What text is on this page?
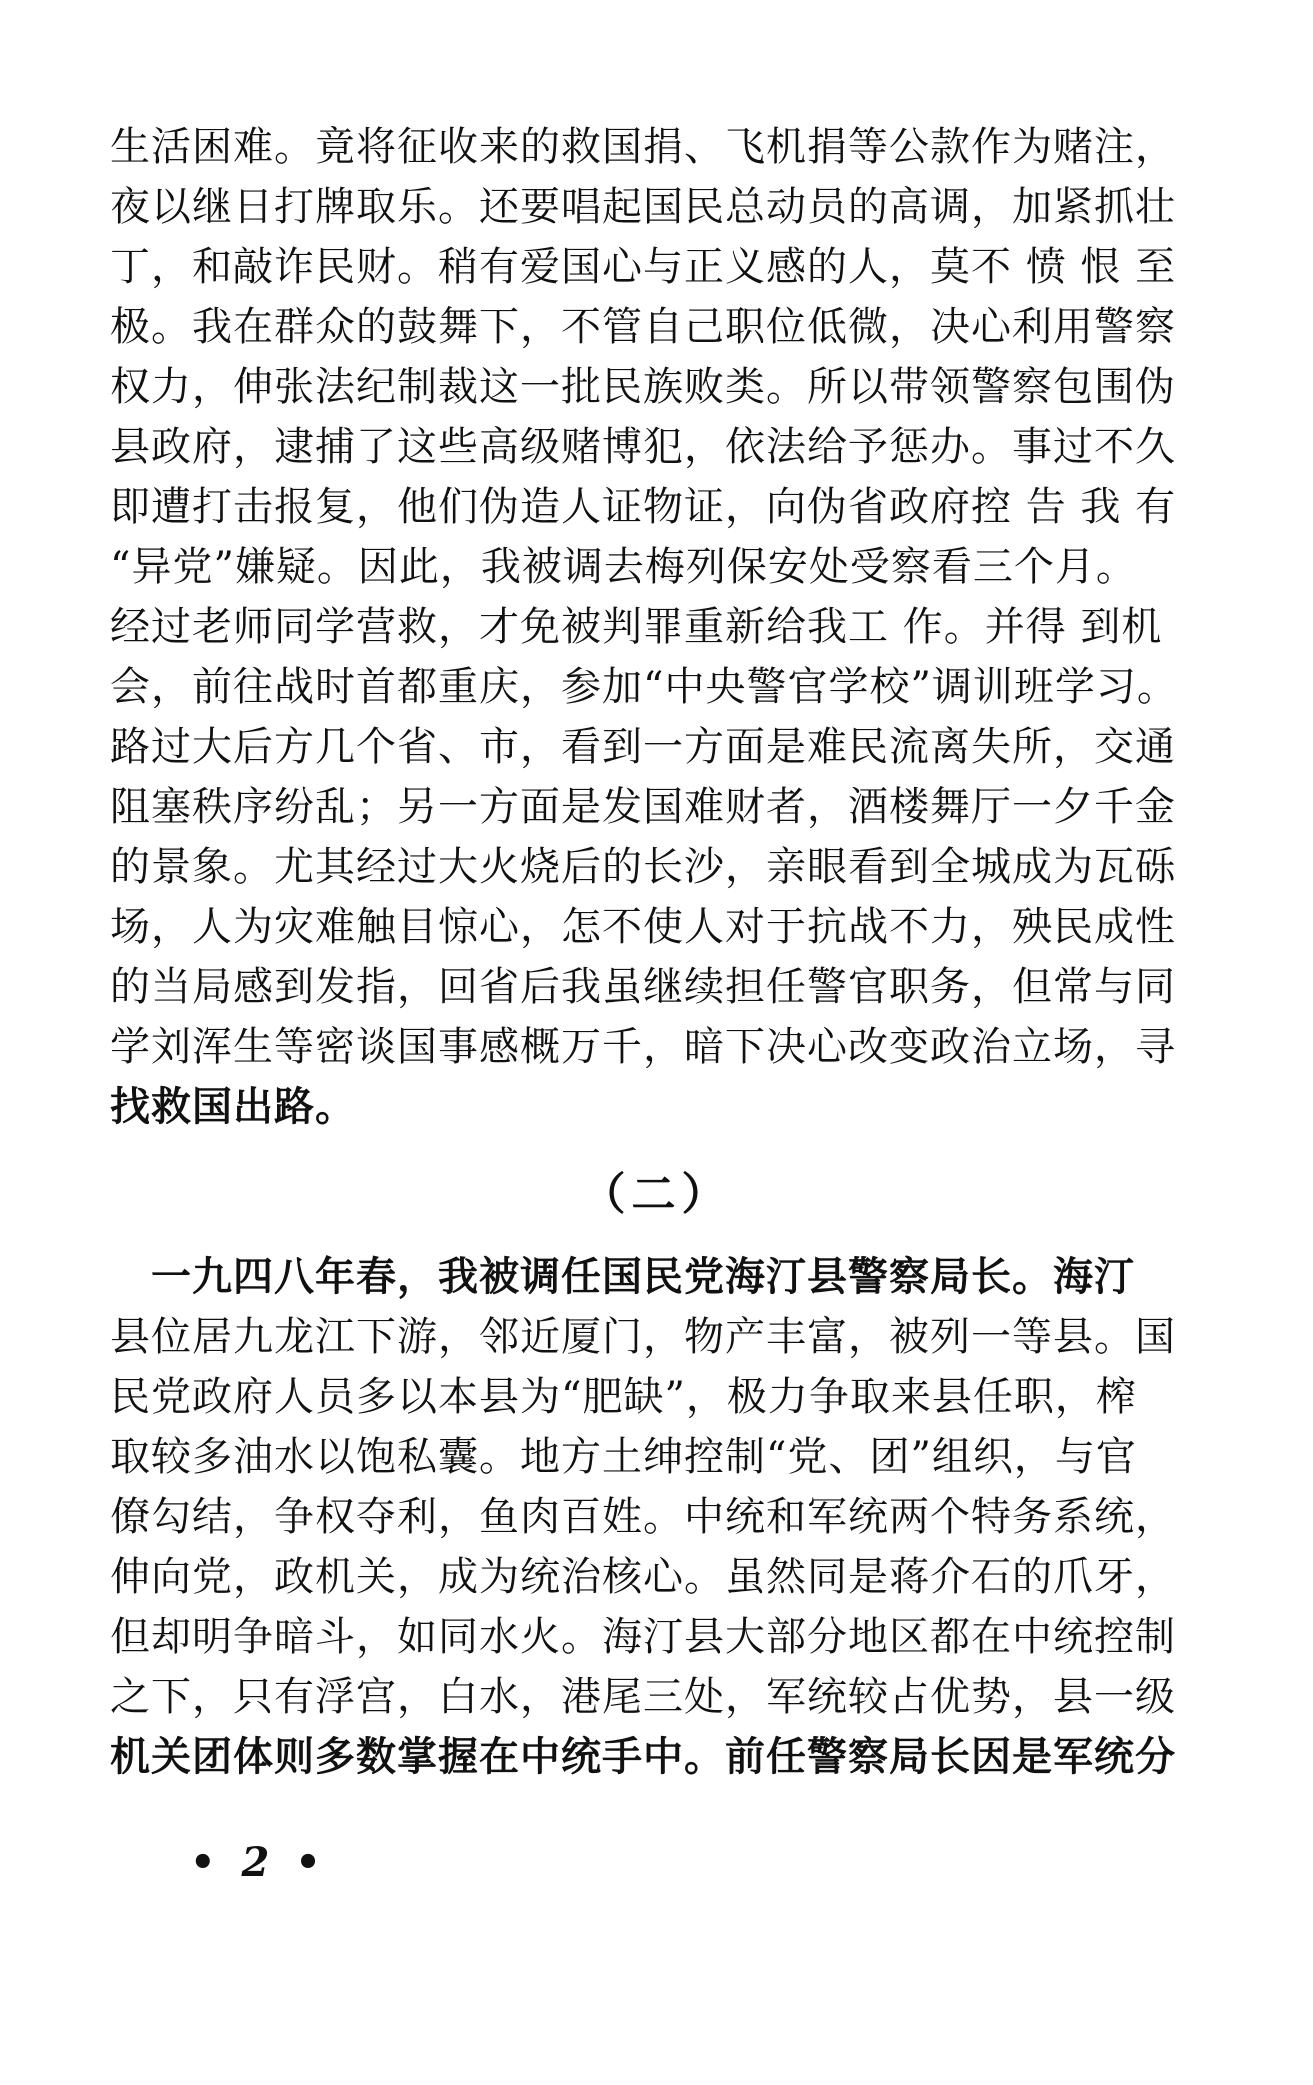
生活困难。竟将征收来的救国捐、飞机捐等公款作为赌注，
夜以继日打牌取乐。还要唱起国民总动员的高调，加紧抓壮
丁，和敲诈民财。稍有爱国心与正义感的人，莫不 愤 恨 至
极。我在群众的鼓舞下，不管自己职位低微，决心利用警察
权力，伸张法纪制裁这一批民族败类。所以带领警察包围伪
县政府，逮捕了这些高级赌博犯，依法给予惩办。事过不久
即遭打击报复，他们伪造人证物证，向伪省政府控 告 我 有
“异党”嫌疑。因此，我被调去梅列保安处受察看三个月。
经过老师同学营救，才免被判罪重新给我工 作。并得 到机
会，前往战时首都重庆，参加“中央警官学校”调训班学习。
路过大后方几个省、市，看到一方面是难民流离失所，交通
阻塞秩序纷乱；另一方面是发国难财者，酒楼舞厅一夕千金
的景象。尤其经过大火烧后的长沙，亲眼看到全城成为瓦砾
场，人为灾难触目惊心，怎不使人对于抗战不力，殃民成性
的当局感到发指，回省后我虽继续担任警官职务，但常与同
学刘浑生等密谈国事感概万千，暗下决心改变政治立场，寻
找救国出路。
（二）
　一九四八年春，我被调任国民党海汀县警察局长。海汀
县位居九龙江下游，邻近厦门，物产丰富，被列一等县。国
民党政府人员多以本县为“肥缺”，极力争取来县任职，榨
取较多油水以饱私囊。地方土绅控制“党、团”组织，与官
僚勾结，争权夺利，鱼肉百姓。中统和军统两个特务系统，
伸向党，政机关，成为统治核心。虽然同是蒋介石的爪牙，
但却明争暗斗，如同水火。海汀县大部分地区都在中统控制
之下，只有浮宫，白水，港尾三处，军统较占优势，县一级
机关团体则多数掌握在中统手中。前任警察局长因是军统分
• 2 •
